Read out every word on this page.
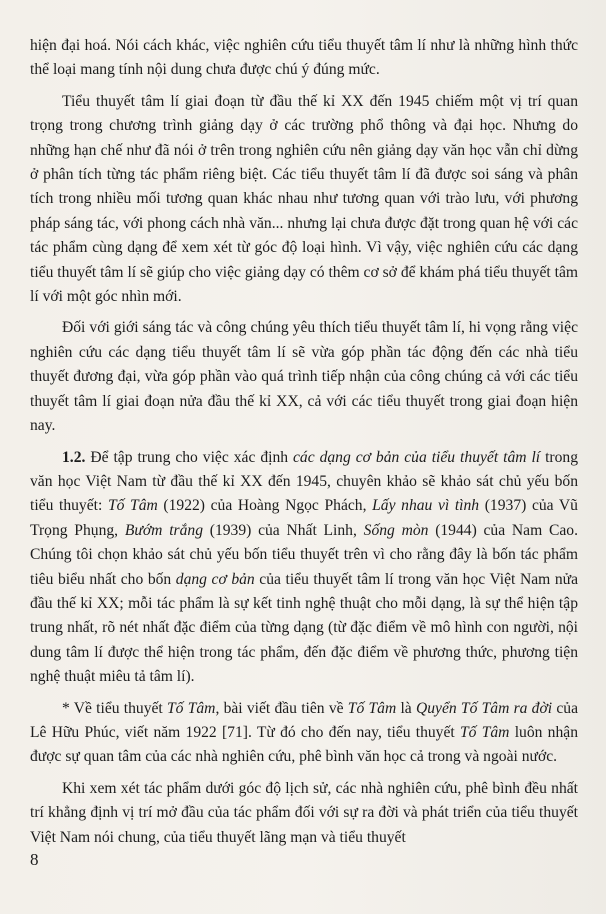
hiện đại hoá. Nói cách khác, việc nghiên cứu tiểu thuyết tâm lí như là những hình thức thể loại mang tính nội dung chưa được chú ý đúng mức.

Tiểu thuyết tâm lí giai đoạn từ đầu thế kỉ XX đến 1945 chiếm một vị trí quan trọng trong chương trình giảng dạy ở các trường phổ thông và đại học. Nhưng do những hạn chế như đã nói ở trên trong nghiên cứu nên giảng dạy văn học vẫn chỉ dừng ở phân tích từng tác phẩm riêng biệt. Các tiểu thuyết tâm lí đã được soi sáng và phân tích trong nhiều mối tương quan khác nhau như tương quan với trào lưu, với phương pháp sáng tác, với phong cách nhà văn... nhưng lại chưa được đặt trong quan hệ với các tác phẩm cùng dạng để xem xét từ góc độ loại hình. Vì vậy, việc nghiên cứu các dạng tiểu thuyết tâm lí sẽ giúp cho việc giảng dạy có thêm cơ sở để khám phá tiểu thuyết tâm lí với một góc nhìn mới.

Đối với giới sáng tác và công chúng yêu thích tiểu thuyết tâm lí, hi vọng rằng việc nghiên cứu các dạng tiểu thuyết tâm lí sẽ vừa góp phần tác động đến các nhà tiểu thuyết đương đại, vừa góp phần vào quá trình tiếp nhận của công chúng cả với các tiểu thuyết tâm lí giai đoạn nửa đầu thế kỉ XX, cả với các tiểu thuyết trong giai đoạn hiện nay.

1.2. Để tập trung cho việc xác định các dạng cơ bản của tiểu thuyết tâm lí trong văn học Việt Nam từ đầu thế kỉ XX đến 1945, chuyên khảo sẽ khảo sát chủ yếu bốn tiểu thuyết: Tố Tâm (1922) của Hoàng Ngọc Phách, Lấy nhau vì tình (1937) của Vũ Trọng Phụng, Bướm trắng (1939) của Nhất Linh, Sống mòn (1944) của Nam Cao. Chúng tôi chọn khảo sát chủ yếu bốn tiểu thuyết trên vì cho rằng đây là bốn tác phẩm tiêu biểu nhất cho bốn dạng cơ bản của tiểu thuyết tâm lí trong văn học Việt Nam nửa đầu thế kỉ XX; mỗi tác phẩm là sự kết tinh nghệ thuật cho mỗi dạng, là sự thể hiện tập trung nhất, rõ nét nhất đặc điểm của từng dạng (từ đặc điểm về mô hình con người, nội dung tâm lí được thể hiện trong tác phẩm, đến đặc điểm về phương thức, phương tiện nghệ thuật miêu tả tâm lí).

* Về tiểu thuyết Tố Tâm, bài viết đầu tiên về Tố Tâm là Quyển Tố Tâm ra đời của Lê Hữu Phúc, viết năm 1922 [71]. Từ đó cho đến nay, tiểu thuyết Tố Tâm luôn nhận được sự quan tâm của các nhà nghiên cứu, phê bình văn học cả trong và ngoài nước.

Khi xem xét tác phẩm dưới góc độ lịch sử, các nhà nghiên cứu, phê bình đều nhất trí khẳng định vị trí mở đầu của tác phẩm đối với sự ra đời và phát triển của tiểu thuyết Việt Nam nói chung, của tiểu thuyết lãng mạn và tiểu thuyết

8
